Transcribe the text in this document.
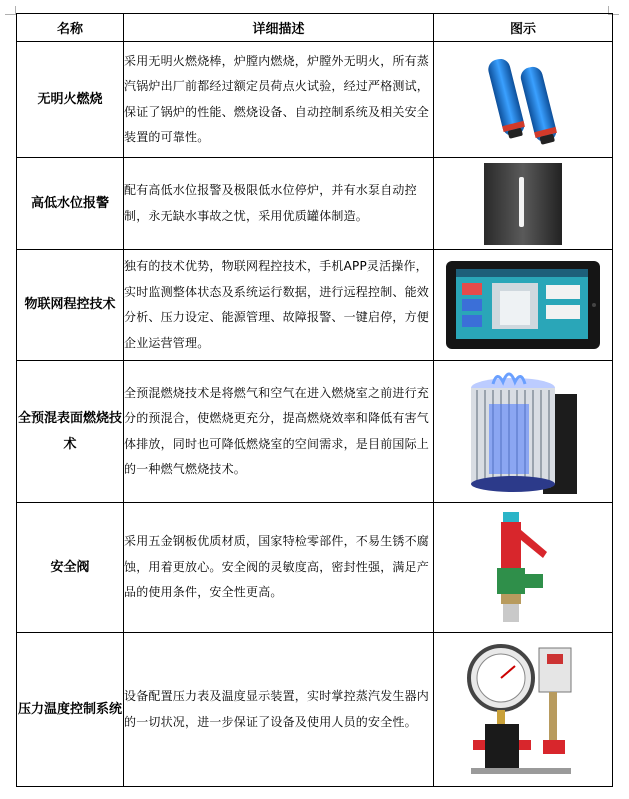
名称	详细描述	图示
无明火燃烧	采用无明火燃烧棒，炉膛内燃烧，炉膛外无明火，所有蒸汽锅炉出厂前都经过额定员荷点火试验，经过严格测试，保证了锅炉的性能、燃烧设备、自动控制系统及相关安全装置的可靠性。	

高低水位报警	配有高低水位报警及极限低水位停炉，并有水泵自动控制，永无缺水事故之忧，采用优质罐体制造。	

物联网程控技术	独有的技术优势，物联网程控技术，手机APP灵活操作，实时监测整体状态及系统运行数据，进行远程控制、能效分析、压力设定、能源管理、故障报警、一键启停，方便企业运营管理。	

全预混表面燃烧技术	全预混燃烧技术是将燃气和空气在进入燃烧室之前进行充分的预混合，使燃烧更充分，提高燃烧效率和降低有害气体排放，同时也可降低燃烧室的空间需求，是目前国际上的一种燃气燃烧技术。	

安全阀	采用五金钢板优质材质，国家特检零部件，不易生锈不腐蚀，用着更放心。安全阀的灵敏度高，密封性强，满足产品的使用条件，安全性更高。	

压力温度控制系统	设备配置压力表及温度显示装置，实时掌控蒸汽发生器内的一切状况，进一步保证了设备及使用人员的安全性。	
